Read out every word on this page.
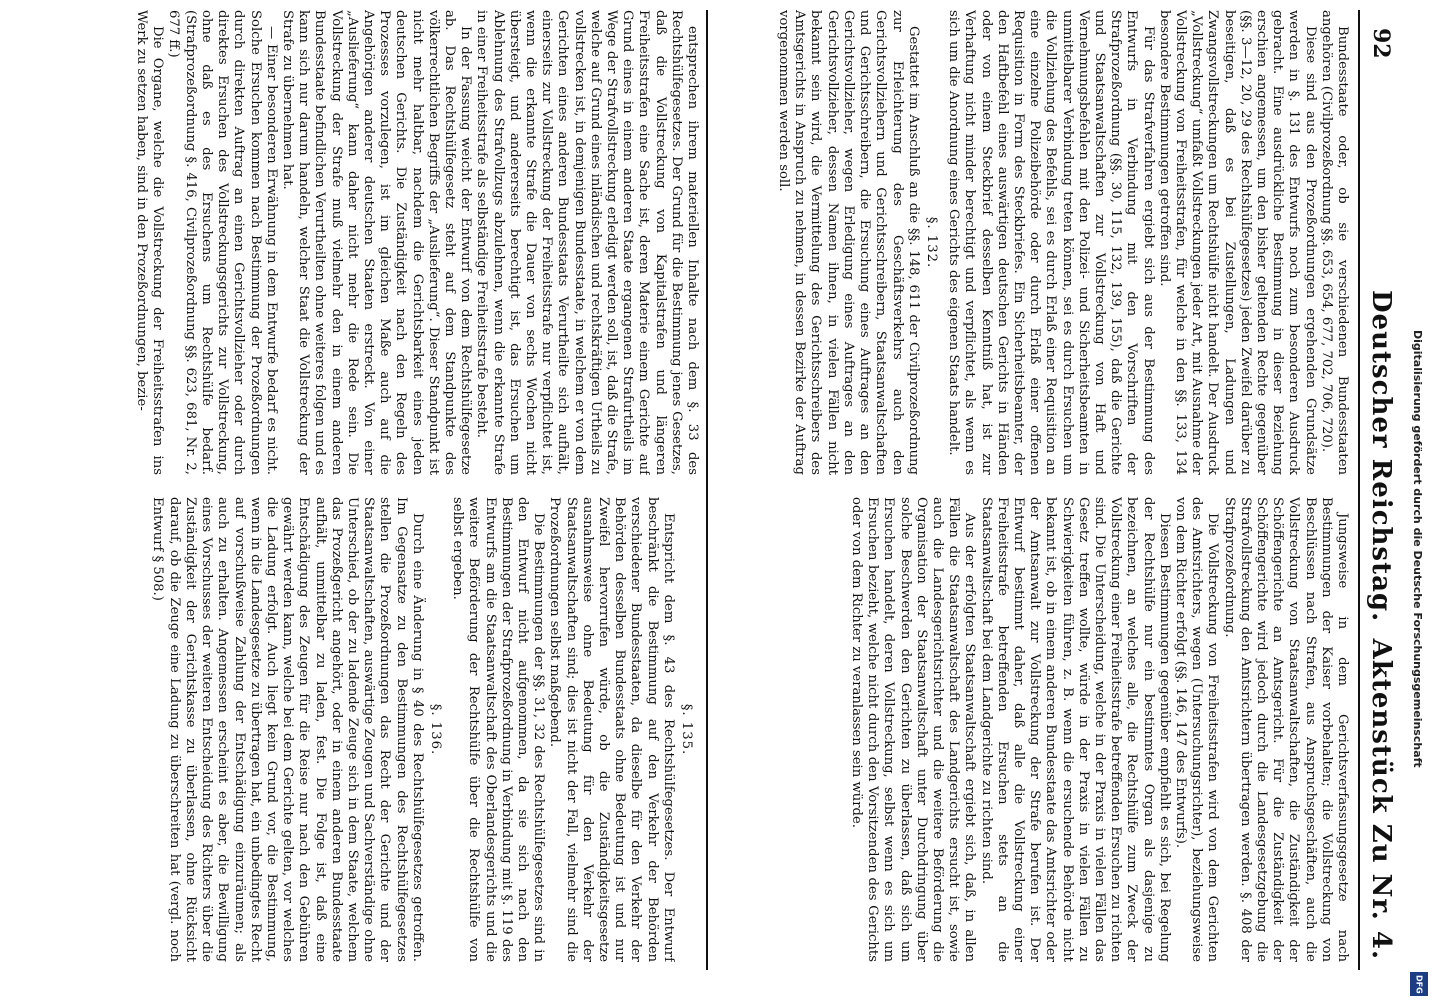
92
Deutscher Reichstag.
Aktenstück Zu Nr. 4.

Bundesstaate oder, ob sie verschiedenen Bundesstaaten angehören (Civilprozeßordnung §§. 653, 654, 677, 702, 706, 720).

Diese sind aus den Prozeßordnungen ergehenden Grundsätze werden in §. 131 des Entwurfs noch zum besonderen Ausdruck gebracht. Eine ausdrückliche Bestimmung in dieser Beziehung erschien angemessen, um den bisher geltenden Rechte gegenüber (§§. 3—12, 20, 29 des Rechtshülfegesetzes) jeden Zweifel darüber zu beseitigen, daß es bei Zustellungen, Ladungen und Zwangsvollstreckungen um Rechtshülfe nicht handelt. Der Ausdruck „Vollstreckung“ umfaßt Vollstreckungen jeder Art, mit Ausnahme der Vollstreckung von Freiheitsstrafen, für welche in den §§. 133, 134 besondere Bestimmungen getroffen sind.

Für das Strafverfahren ergiebt sich aus der Bestimmung des Entwurfs in Verbindung mit den Vorschriften der Strafprozeßordnung (§§. 30, 115, 132, 139, 155), daß die Gerichte und Staatsanwaltschaften zur Vollstreckung von Haft und Vernehmungsbefehlen mit den Polizei- und Sicherheitsbeamten in unmittelbarer Verbindung treten können, sei es durch Ersuchen um die Vollziehung des Befehls, sei es durch Erlaß einer Requisition an eine einzelne Polizeibehörde oder durch Erlaß einer offenen Requisition in Form des Steckbriefes. Ein Sicherheitsbeamter, der den Haftbefehl eines auswärtigen deutschen Gerichts in Händen oder von einem Steckbrief desselben Kenntniß hat, ist zur Verhaftung nicht minder berechtigt und verpflichtet, als wenn es sich um die Anordnung eines Gerichts des eigenen Staats handelt.

§. 132.

Gestattet im Anschluß an die §§. 148, 611 der Civilprozeßordnung zur Erleichterung des Geschäftsverkehrs auch den Gerichtsvollziehern und Gerichtsschreibern, Staatsanwaltschaften und Gerichtsschreibern, die Ersuchung eines Auftrages an den Gerichtsvollzieher, wegen Erledigung eines Auftrages an den Gerichtsvollzieher, dessen Namen ihnen, in vielen Fällen nicht bekannt sein wird, die Vermittelung des Gerichtsschreibers des Amtsgerichts in Anspruch zu nehmen, in dessen Bezirke der Auftrag vorgenommen werden soll.

Jungsweise in dem Gerichtsverfassungsgesetze nach Bestimmungen der Kaiser vorbehalten; die Vollstreckung von Beschlüssen nach Strafen, aus Anspruchsgeschäften, auch die Vollstreckung von Staatsanwaltschaften, die Zuständigkeit der Schöffengerichte an Amtsgericht. Für die Zuständigkeit der Schöffengerichte wird jedoch durch die Landesgesetzgebung die Strafvollstreckung den Amtsrichtern übertragen werden. §. 408 der Strafprozeßordnung.

Die Vollstreckung von Freiheitsstrafen wird von dem Gerichten des Amtsrichters, wegen (Untersuchungsrichter), beziehungsweise von dem Richter erfolgt (§§. 146, 147 des Entwurfs).

Diesen Bestimmungen gegenüber empfiehlt es sich, bei Regelung der Rechtshülfe nur ein bestimmtes Organ als dasjenige zu bezeichnen, an welches alle, die Rechtshülfe zum Zweck der Vollstreckung einer Freiheitsstrafe betreffenden Ersuchen zu richten sind. Die Unterscheidung, welche in der Praxis in vielen Fällen das Gesetz treffen wollte, würde in der Praxis in vielen Fällen zu Schwierigkeiten führen, z. B. wenn die ersuchende Behörde nicht bekannt ist, ob in einem anderen Bundesstaate das Amtsrichter oder der Amtsanwalt zur Vollstreckung der Strafe berufen ist. Der Entwurf bestimmt daher, daß alle die Vollstreckung einer Freiheitsstrafe betreffenden Ersuchen stets an die Staatsanwaltschaft bei dem Landgerichte zu richten sind.

Aus der erfolgten Staatsanwaltschaft ergiebt sich, daß, in allen Fällen die Staatsanwaltschaft des Landgerichts ersucht ist, sowie auch die Landesgerichtsrichter und die weitere Beförderung die Organisation der Staatsanwaltschaft unter Durchdringung über solche Beschwerden den Gerichten zu überlassen, daß sich um Ersuchen handelt, deren Vollstreckung, selbst wenn es sich um Ersuchen bezieht, welche nicht durch den Vorsitzenden des Gerichts oder von dem Richter zu veranlassen sein würde.

entsprechen ihrem materiellen Inhalte nach dem §. 33 des Rechtshülfegesetzes. Der Grund für die Bestimmung jenes Gesetzes, daß die Vollstreckung von Kapitalstrafen und längeren Freiheitsstrafen eine Sache ist, deren Materie einem Gerichte auf Grund eines in einem anderen Staate ergangenen Strafurtheils im Wege der Strafvollstreckung erledigt werden soll, ist, daß die Strafe, welche auf Grund eines inländischen und rechtskräftigen Urtheils zu vollstrecken ist, in demjenigen Bundesstaate, in welchem er von dem Gerichten eines anderen Bundesstaats Verurtheilte sich aufhält, einerseits zur Vollstreckung der Freiheitsstrafe nur verpflichtet ist, wenn die erkannte Strafe die Dauer von sechs Wochen nicht übersteigt, und andererseits berechtigt ist, das Ersuchen um Ablehnung des Strafvollzugs abzulehnen, wenn die erkannte Strafe in einer Freiheitsstrafe als selbständige Freiheitsstrafe besteht.

In der Fassung weicht der Entwurf von dem Rechtshülfegesetze ab. Das Rechtshülfegesetz steht auf dem Standpunkte des völkerrechtlichen Begriffs der „Auslieferung“. Dieser Standpunkt ist nicht mehr haltbar, nachdem die Gerichtsbarkeit eines jeden deutschen Gerichts. Die Zuständigkeit nach den Regeln des Prozesses vorzulegen, ist im gleichen Maße auch auf die Angehörigen anderer deutschen Staaten erstreckt. Von einer „Auslieferung“ kann daher nicht mehr die Rede sein. Die Vollstreckung der Strafe muß vielmehr den in einem anderen Bundesstaate befindlichen Verurtheilten ohne weiteres folgen und es kann sich nur darum handeln, welcher Staat die Vollstreckung der Strafe zu übernehmen hat.

— Einer besonderen Erwähnung in dem Entwurfe bedarf es nicht. Solche Ersuchen kommen nach Bestimmung der Prozeßordnungen durch direkten Auftrag an einen Gerichtsvollzieher oder durch direktes Ersuchen des Vollstreckungsgerichts zur Vollstreckung, ohne daß es des Ersuchens um Rechtshülfe bedarf. (Strafprozeßordnung §. 416, Civilprozeßordnung §§. 623, 681, Nr. 2, 677 ff.)

Die Organe, welche die Vollstreckung der Freiheitsstrafen ins Werk zu setzen haben, sind in den Prozeßordnungen, bezie-

§. 135.

Entspricht dem §. 43 des Rechtshülfegesetzes. Der Entwurf beschränkt die Bestimmung auf den Verkehr der Behörden verschiedener Bundesstaaten, da dieselbe für den Verkehr der Behörden desselben Bundesstaats ohne Bedeutung ist und nur Zweifel hervorrufen würde, ob die Zuständigkeitsgesetze ausnahmsweise ohne Bedeutung für den Verkehr der Staatsanwaltschaften sind; dies ist nicht der Fall, vielmehr sind die Prozeßordnungen selbst maßgebend.

Die Bestimmungen der §§. 31, 32 des Rechtshülfegesetzes sind in den Entwurf nicht aufgenommen, da sie sich nach den Bestimmungen der Strafprozeßordnung in Verbindung mit §. 119 des Entwurfs am die Staatsanwaltschaft des Oberlandesgerichts und die weitere Beförderung der Rechtshülfe über die Rechtshülfe von selbst ergeben.

§. 136.

Durch eine Änderung in § 40 des Rechtshülfegesetzes getroffen. Im Gegensatze zu den Bestimmungen des Rechtshülfegesetzes stellen die Prozeßordnungen das Recht der Gerichte und der Staatsanwaltschaften, auswärtige Zeugen und Sachverständige ohne Unterschied, ob der zu ladende Zeuge sich in dem Staate, welchem das Prozeßgericht angehört, oder in einem anderen Bundesstaate aufhält, unmittelbar zu laden, fest. Die Folge ist, daß eine Entschädigung des Zeugen für die Reise nur nach den Gebühren gewährt werden kann, welche bei dem Gerichte gelten, vor welches die Ladung erfolgt. Auch liegt kein Grund vor, die Bestimmung, wenn in die Landesgesetze zu übertragen hat, ein unbedingtes Recht auf vorschußweise Zahlung der Entschädigung einzuräumen; als auch zu erhalten. Angemessen erscheint es aber, die Bewilligung eines Vorschusses der weiteren Entscheidung des Richters über die Zuständigkeit der Gerichtskasse zu überlassen, ohne Rücksicht darauf, ob die Zeuge eine Ladung zu überschreiten hat (vergl. noch Entwurf § 508.)	Digitalisierung gefördert durch die Deutsche Forschungsgemeinschaft
DFG
